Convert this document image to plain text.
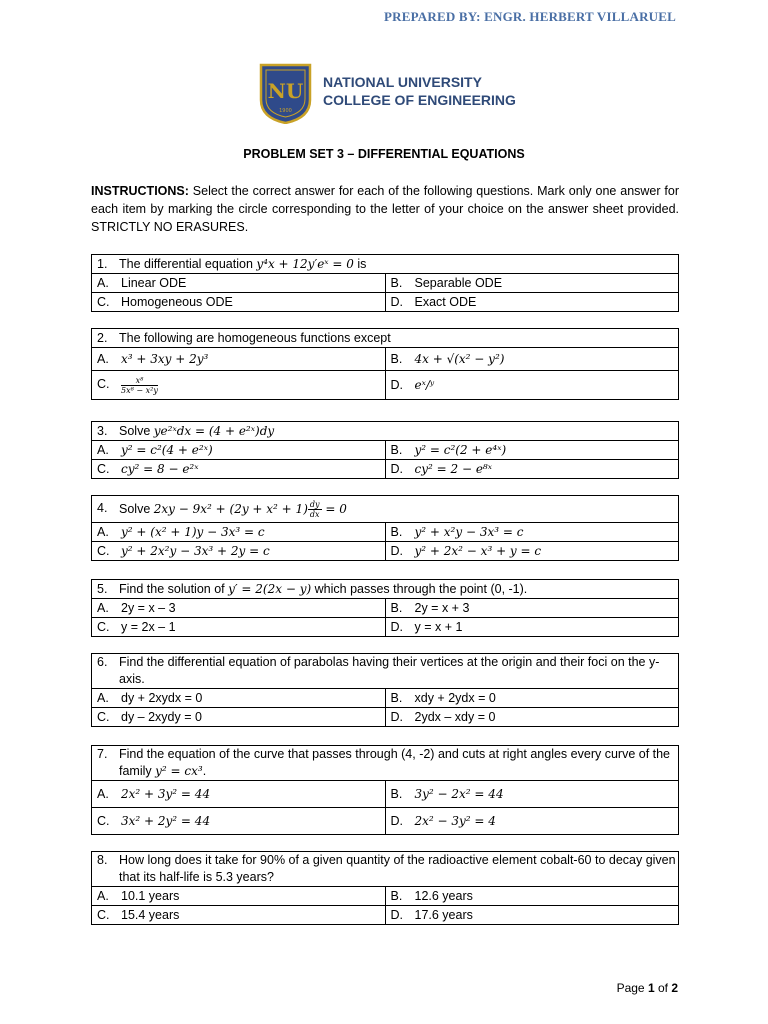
PREPARED BY: ENGR. HERBERT VILLARUEL
NU
1900
NATIONAL UNIVERSITY
COLLEGE OF ENGINEERING
PROBLEM SET 3 – DIFFERENTIAL EQUATIONS
INSTRUCTIONS: Select the correct answer for each of the following questions. Mark only one answer for each item by marking the circle corresponding to the letter of your choice on the answer sheet provided. STRICTLY NO ERASURES.
1. The differential equation y⁴x + 12y′eˣ = 0 is	
A. Linear ODE	B. Separable ODE
C. Homogeneous ODE	D. Exact ODE
2. The following are homogeneous functions except	
A. x³ + 3xy + 2y³	B. 4x + √(x² − y²)
C. $\frac{\text{x⁸}}{\text{5x⁸ − x²y}}$	D. eˣ/ʸ
3. Solve ye²ˣdx = (4 + e²ˣ)dy	
A. y² = c²(4 + e²ˣ)	B. y² = c²(2 + e⁴ˣ)
C. cy² = 8 − e²ˣ	D. cy² = 2 − e⁸ˣ
4. Solve $2xy - 9x^2 + (2y + x^2 + 1) \frac{dy}{dx} = 0$	
A. y² + (x² + 1)y − 3x³ = c	B. y² + x²y − 3x³ = c
C. y² + 2x²y − 3x³ + 2y = c	D. y² + 2x² − x³ + y = c
5. Find the solution of y′ = 2(2x − y) which passes through the point (0, -1).	
A. 2y = x – 3	B. 2y = x + 3
C. y = 2x – 1	D. y = x + 1
6. Find the differential equation of parabolas having their vertices at the origin and their foci on the y-
axis.	
A. dy + 2xydx = 0	B. xdy + 2ydx = 0
C. dy – 2xydy = 0	D. 2ydx – xdy = 0
7. Find the equation of the curve that passes through (4, -2) and cuts at right angles every curve of the
family y² = cx³.	
A. 2x² + 3y² = 44	B. 3y² − 2x² = 44
C. 3x² + 2y² = 44	D. 2x² − 3y² = 4
8. How long does it take for 90% of a given quantity of the radioactive element cobalt-60 to decay given
that its half-life is 5.3 years?	
A. 10.1 years	B. 12.6 years
C. 15.4 years	D. 17.6 years
Page 1 of 2
